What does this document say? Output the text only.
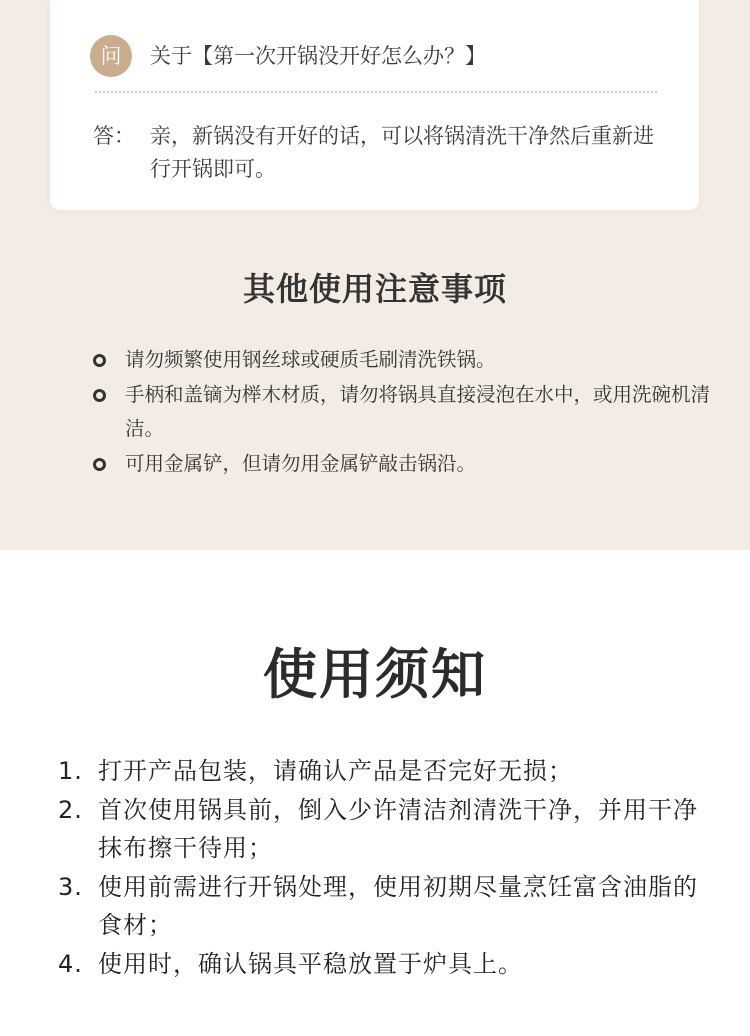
问	关于【第一次开锅没开好怎么办？】
答： 亲，新锅没有开好的话，可以将锅清洗干净然后重新进行开锅即可。
其他使用注意事项
请勿频繁使用钢丝球或硬质毛刷清洗铁锅。
手柄和盖镝为榉木材质，请勿将锅具直接浸泡在水中，或用洗碗机清洁。
可用金属铲，但请勿用金属铲敲击锅沿。
使用须知
1. 打开产品包装，请确认产品是否完好无损；
2. 首次使用锅具前，倒入少许清洁剂清洗干净，并用干净抹布擦干待用；
3. 使用前需进行开锅处理，使用初期尽量烹饪富含油脂的食材；
4. 使用时，确认锅具平稳放置于炉具上。
